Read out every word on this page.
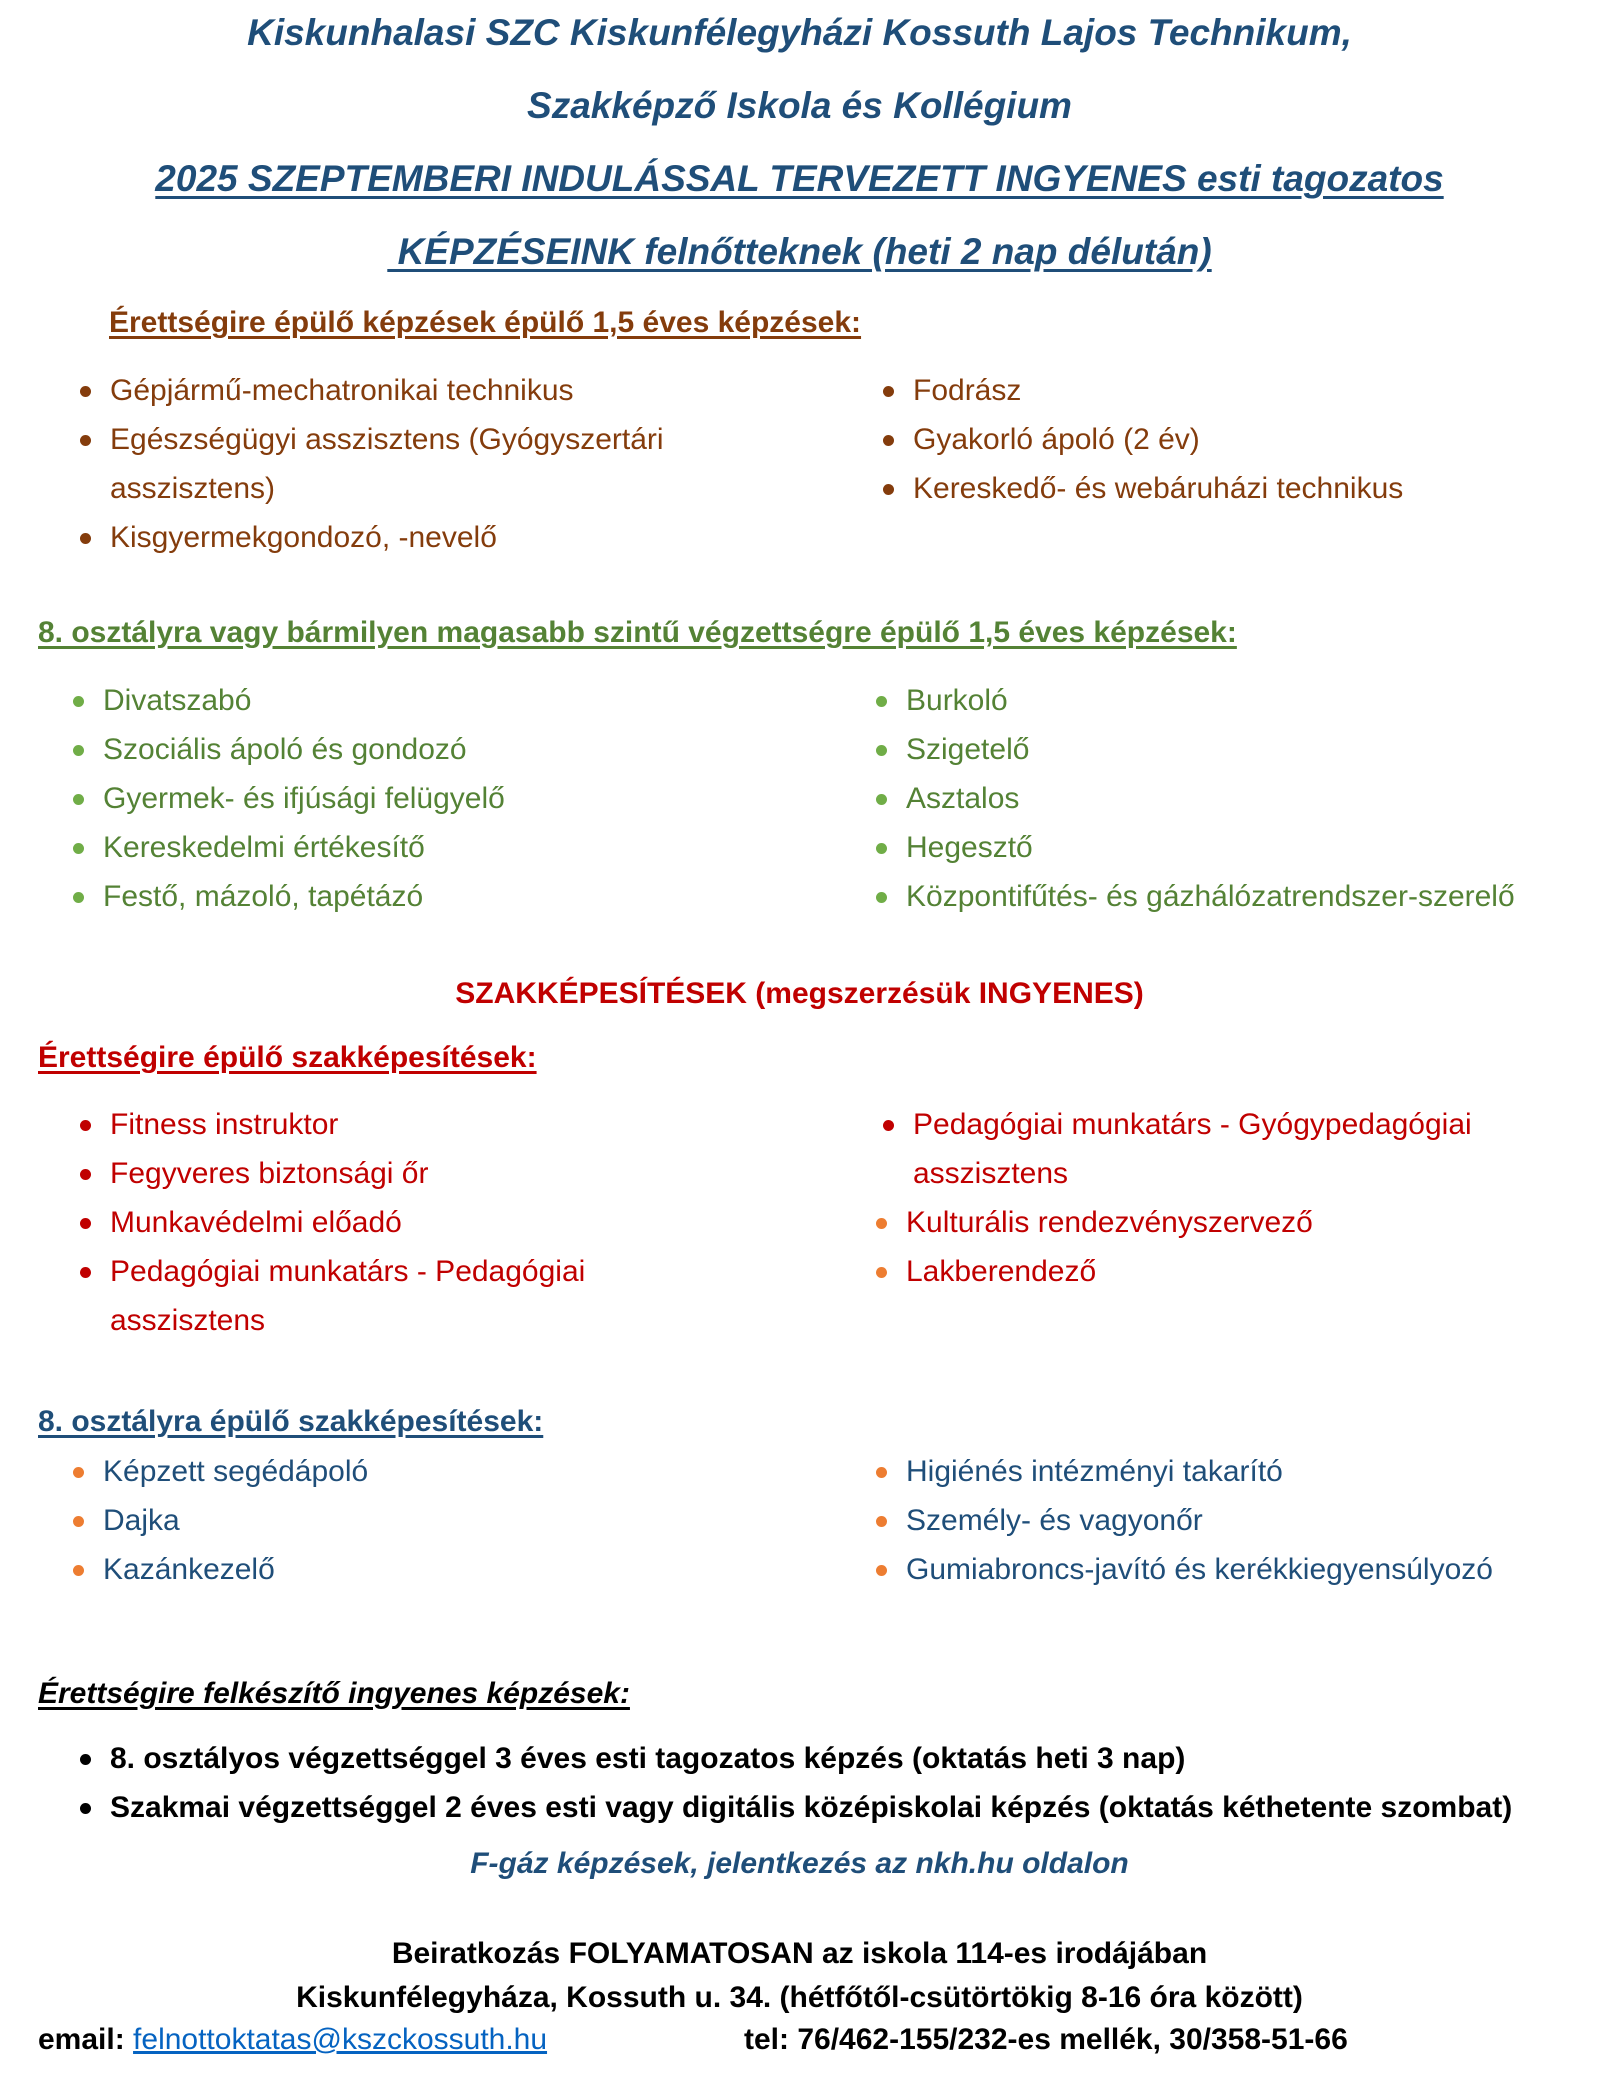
Kiskunhalasi SZC Kiskunfélegyházi Kossuth Lajos Technikum,
Szakképző Iskola és Kollégium
2025 SZEPTEMBERI INDULÁSSAL TERVEZETT INGYENES esti tagozatos
KÉPZÉSEINK felnőtteknek (heti 2 nap délután)
Érettségire épülő képzések épülő 1,5 éves képzések:
Gépjármű-mechatronikai technikus
Egészségügyi asszisztens (Gyógyszertári
asszisztens)
Kisgyermekgondozó, -nevelő
Fodrász
Gyakorló ápoló (2 év)
Kereskedő- és webáruházi technikus
8. osztályra vagy bármilyen magasabb szintű végzettségre épülő 1,5 éves képzések:
Divatszabó
Szociális ápoló és gondozó
Gyermek- és ifjúsági felügyelő
Kereskedelmi értékesítő
Festő, mázoló, tapétázó
Burkoló
Szigetelő
Asztalos
Hegesztő
Központifűtés- és gázhálózatrendszer-szerelő
SZAKKÉPESÍTÉSEK (megszerzésük INGYENES)
Érettségire épülő szakképesítések:
Fitness instruktor
Fegyveres biztonsági őr
Munkavédelmi előadó
Pedagógiai munkatárs - Pedagógiai
asszisztens
Pedagógiai munkatárs - Gyógypedagógiai
asszisztens
Kulturális rendezvényszervező
Lakberendező
8. osztályra épülő szakképesítések:
Képzett segédápoló
Dajka
Kazánkezelő
Higiénés intézményi takarító
Személy- és vagyonőr
Gumiabroncs-javító és kerékkiegyensúlyozó
Érettségire felkészítő ingyenes képzések:
8. osztályos végzettséggel 3 éves esti tagozatos képzés (oktatás heti 3 nap)
Szakmai végzettséggel 2 éves esti vagy digitális középiskolai képzés (oktatás kéthetente szombat)
F-gáz képzések, jelentkezés az nkh.hu oldalon
Beiratkozás FOLYAMATOSAN az iskola 114-es irodájában
Kiskunfélegyháza, Kossuth u. 34. (hétfőtől-csütörtökig 8-16 óra között)
email: felnottoktatas@kszckossuth.hu	tel: 76/462-155/232-es mellék, 30/358-51-66
